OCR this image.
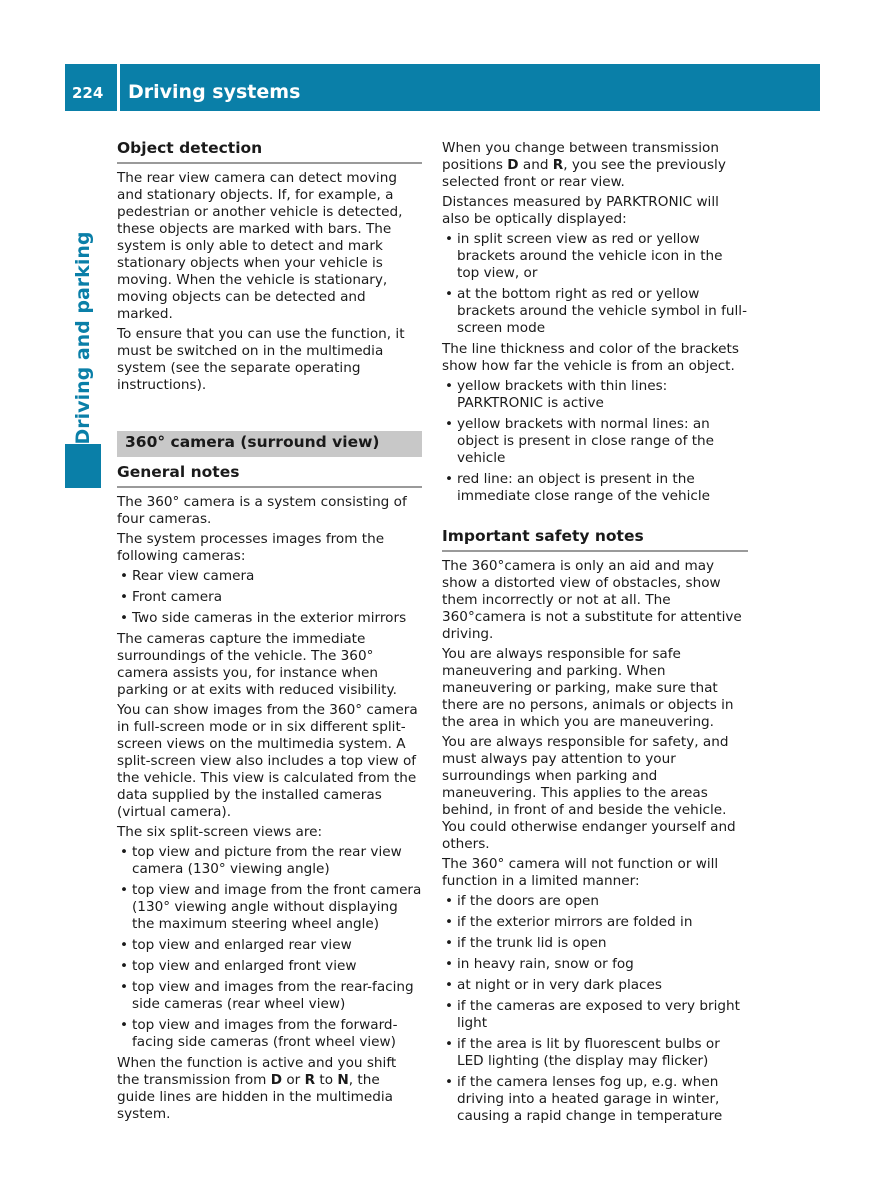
224 Driving systems
Driving and parking
Object detection

The rear view camera can detect moving and stationary objects. If, for example, a pedestrian or another vehicle is detected, these objects are marked with bars. The system is only able to detect and mark stationary objects when your vehicle is moving. When the vehicle is stationary, moving objects can be detected and marked.

To ensure that you can use the function, it must be switched on in the multimedia system (see the separate operating instructions).

360° camera (surround view)
General notes

The 360° camera is a system consisting of four cameras.

The system processes images from the following cameras:

• Rear view camera
• Front camera
• Two side cameras in the exterior mirrors

The cameras capture the immediate surroundings of the vehicle. The 360° camera assists you, for instance when parking or at exits with reduced visibility.

You can show images from the 360° camera in full-screen mode or in six different split-screen views on the multimedia system. A split-screen view also includes a top view of the vehicle. This view is calculated from the data supplied by the installed cameras (virtual camera).

The six split-screen views are:

• top view and picture from the rear view camera (130° viewing angle)
• top view and image from the front camera (130° viewing angle without displaying the maximum steering wheel angle)
• top view and enlarged rear view
• top view and enlarged front view
• top view and images from the rear-facing side cameras (rear wheel view)
• top view and images from the forward-facing side cameras (front wheel view)

When the function is active and you shift the transmission from D or R to N, the guide lines are hidden in the multimedia system.

When you change between transmission positions D and R, you see the previously selected front or rear view.

Distances measured by PARKTRONIC will also be optically displayed:

• in split screen view as red or yellow brackets around the vehicle icon in the top view, or
• at the bottom right as red or yellow brackets around the vehicle symbol in full-screen mode

The line thickness and color of the brackets show how far the vehicle is from an object.

• yellow brackets with thin lines: PARKTRONIC is active
• yellow brackets with normal lines: an object is present in close range of the vehicle
• red line: an object is present in the immediate close range of the vehicle
Important safety notes

The 360°camera is only an aid and may show a distorted view of obstacles, show them incorrectly or not at all. The 360°camera is not a substitute for attentive driving.

You are always responsible for safe maneuvering and parking. When maneuvering or parking, make sure that there are no persons, animals or objects in the area in which you are maneuvering.

You are always responsible for safety, and must always pay attention to your surroundings when parking and maneuvering. This applies to the areas behind, in front of and beside the vehicle. You could otherwise endanger yourself and others.

The 360° camera will not function or will function in a limited manner:

• if the doors are open
• if the exterior mirrors are folded in
• if the trunk lid is open
• in heavy rain, snow or fog
• at night or in very dark places
• if the cameras are exposed to very bright light
• if the area is lit by fluorescent bulbs or LED lighting (the display may flicker)
• if the camera lenses fog up, e.g. when driving into a heated garage in winter, causing a rapid change in temperature
